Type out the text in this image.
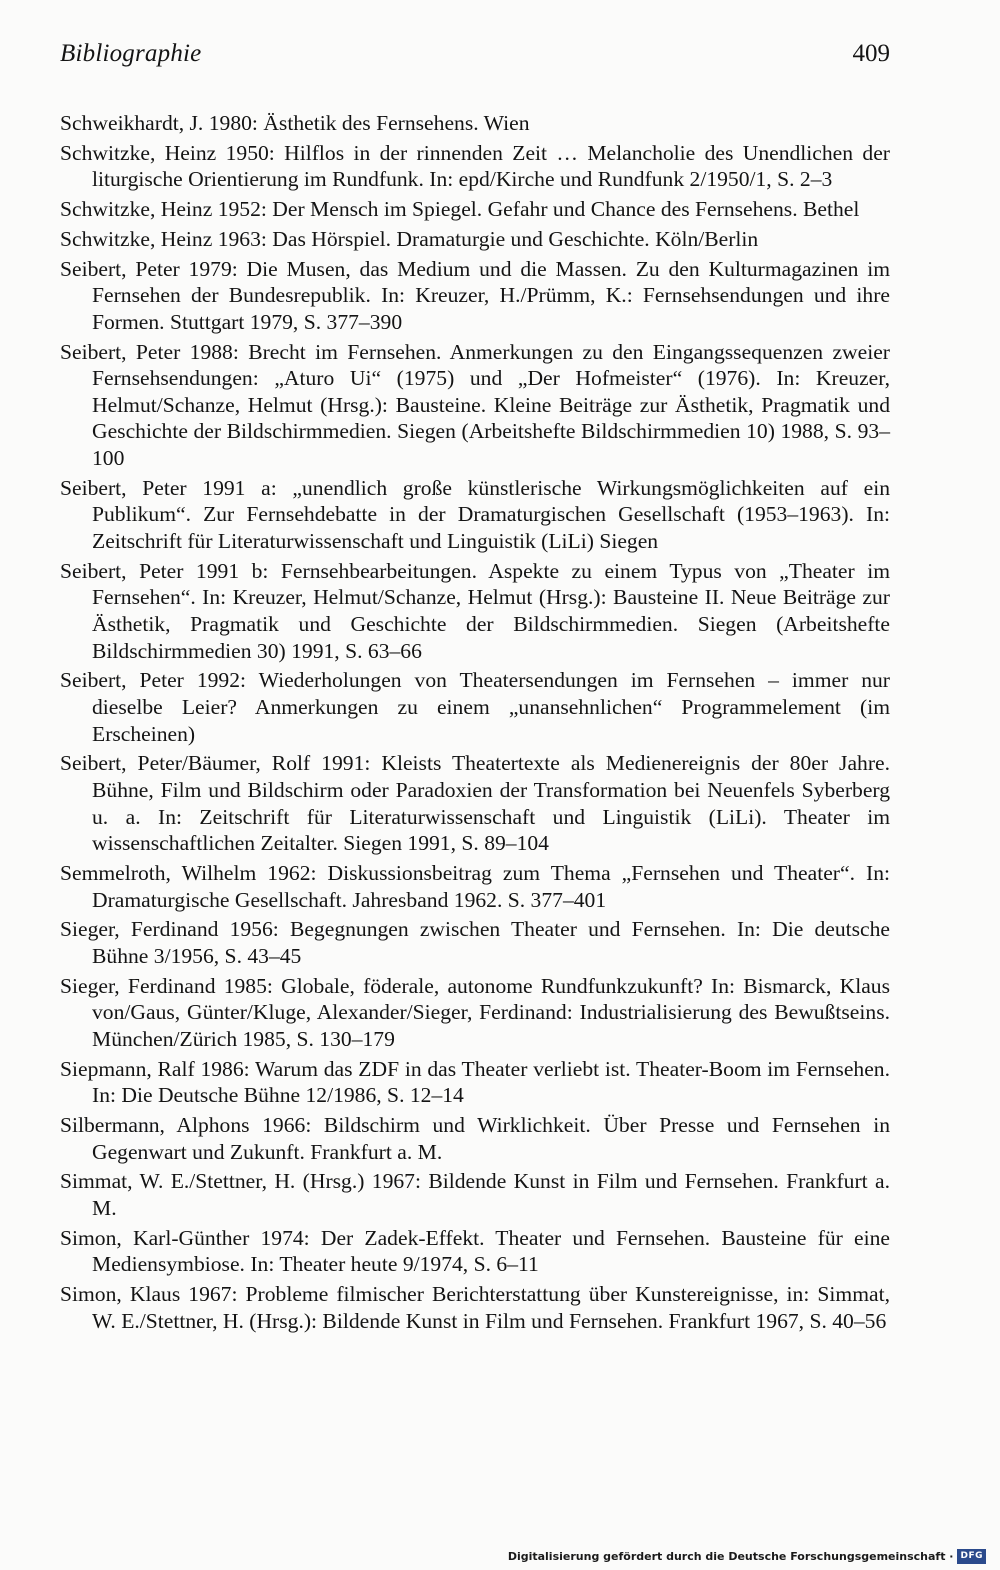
Bibliographie	409
Schweikhardt, J. 1980: Ästhetik des Fernsehens. Wien
Schwitzke, Heinz 1950: Hilflos in der rinnenden Zeit … Melancholie des Unendlichen der liturgische Orientierung im Rundfunk. In: epd/Kirche und Rundfunk 2/1950/1, S. 2–3
Schwitzke, Heinz 1952: Der Mensch im Spiegel. Gefahr und Chance des Fernsehens. Bethel
Schwitzke, Heinz 1963: Das Hörspiel. Dramaturgie und Geschichte. Köln/Berlin
Seibert, Peter 1979: Die Musen, das Medium und die Massen. Zu den Kulturmagazinen im Fernsehen der Bundesrepublik. In: Kreuzer, H./Prümm, K.: Fernsehsendungen und ihre Formen. Stuttgart 1979, S. 377–390
Seibert, Peter 1988: Brecht im Fernsehen. Anmerkungen zu den Eingangssequenzen zweier Fernsehsendungen: „Aturo Ui“ (1975) und „Der Hofmeister“ (1976). In: Kreuzer, Helmut/Schanze, Helmut (Hrsg.): Bausteine. Kleine Beiträge zur Ästhetik, Pragmatik und Geschichte der Bildschirmmedien. Siegen (Arbeitshefte Bildschirmmedien 10) 1988, S. 93–100
Seibert, Peter 1991 a: „unendlich große künstlerische Wirkungsmöglichkeiten auf ein Publikum“. Zur Fernsehdebatte in der Dramaturgischen Gesellschaft (1953–1963). In: Zeitschrift für Literaturwissenschaft und Linguistik (LiLi) Siegen
Seibert, Peter 1991 b: Fernsehbearbeitungen. Aspekte zu einem Typus von „Theater im Fernsehen“. In: Kreuzer, Helmut/Schanze, Helmut (Hrsg.): Bausteine II. Neue Beiträge zur Ästhetik, Pragmatik und Geschichte der Bildschirmmedien. Siegen (Arbeitshefte Bildschirmmedien 30) 1991, S. 63–66
Seibert, Peter 1992: Wiederholungen von Theatersendungen im Fernsehen – immer nur dieselbe Leier? Anmerkungen zu einem „unansehnlichen“ Programmelement (im Erscheinen)
Seibert, Peter/Bäumer, Rolf 1991: Kleists Theatertexte als Medienereignis der 80er Jahre. Bühne, Film und Bildschirm oder Paradoxien der Transformation bei Neuenfels Syberberg u. a. In: Zeitschrift für Literaturwissenschaft und Linguistik (LiLi). Theater im wissenschaftlichen Zeitalter. Siegen 1991, S. 89–104
Semmelroth, Wilhelm 1962: Diskussionsbeitrag zum Thema „Fernsehen und Theater“. In: Dramaturgische Gesellschaft. Jahresband 1962. S. 377–401
Sieger, Ferdinand 1956: Begegnungen zwischen Theater und Fernsehen. In: Die deutsche Bühne 3/1956, S. 43–45
Sieger, Ferdinand 1985: Globale, föderale, autonome Rundfunkzukunft? In: Bismarck, Klaus von/Gaus, Günter/Kluge, Alexander/Sieger, Ferdinand: Industrialisierung des Bewußtseins. München/Zürich 1985, S. 130–179
Siepmann, Ralf 1986: Warum das ZDF in das Theater verliebt ist. Theater-Boom im Fernsehen. In: Die Deutsche Bühne 12/1986, S. 12–14
Silbermann, Alphons 1966: Bildschirm und Wirklichkeit. Über Presse und Fernsehen in Gegenwart und Zukunft. Frankfurt a. M.
Simmat, W. E./Stettner, H. (Hrsg.) 1967: Bildende Kunst in Film und Fernsehen. Frankfurt a. M.
Simon, Karl-Günther 1974: Der Zadek-Effekt. Theater und Fernsehen. Bausteine für eine Mediensymbiose. In: Theater heute 9/1974, S. 6–11
Simon, Klaus 1967: Probleme filmischer Berichterstattung über Kunstereignisse, in: Simmat, W. E./Stettner, H. (Hrsg.): Bildende Kunst in Film und Fernsehen. Frankfurt 1967, S. 40–56
Digitalisierung gefördert durch die Deutsche Forschungsgemeinschaft · DFG
